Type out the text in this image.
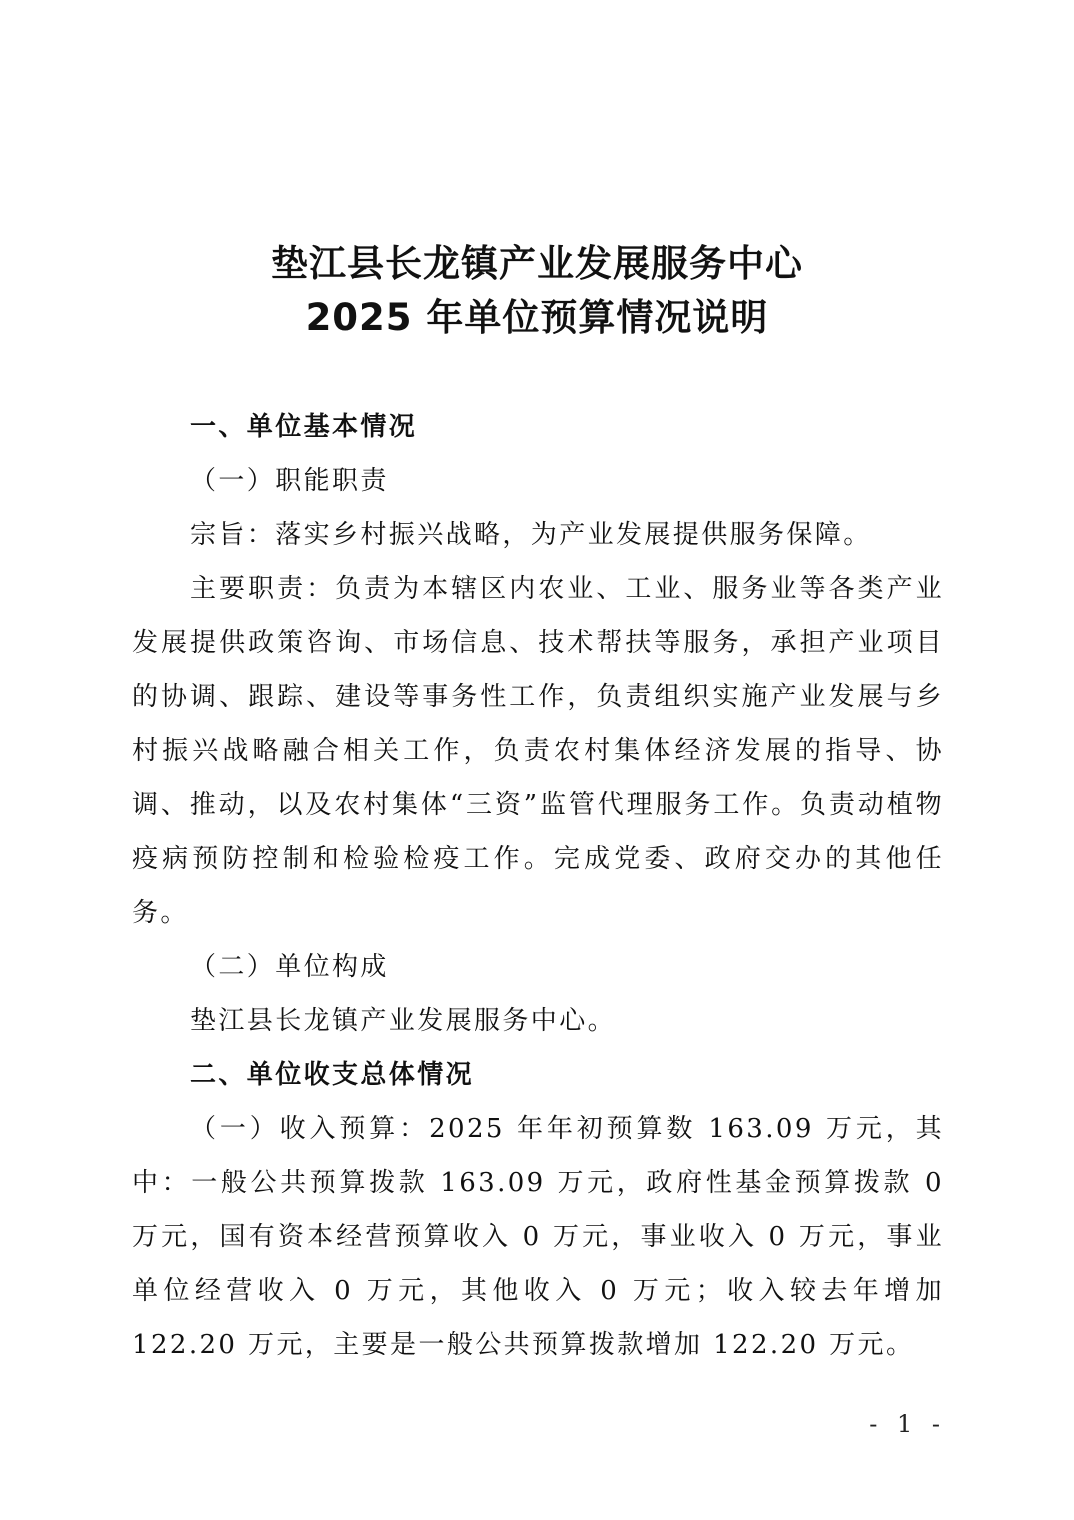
垫江县长龙镇产业发展服务中心
2025 年单位预算情况说明

一、单位基本情况

（一）职能职责

宗旨：落实乡村振兴战略，为产业发展提供服务保障。

主要职责：负责为本辖区内农业、工业、服务业等各类产业发展提供政策咨询、市场信息、技术帮扶等服务，承担产业项目的协调、跟踪、建设等事务性工作，负责组织实施产业发展与乡村振兴战略融合相关工作，负责农村集体经济发展的指导、协调、推动，以及农村集体“三资”监管代理服务工作。负责动植物疫病预防控制和检验检疫工作。完成党委、政府交办的其他任务。

（二）单位构成

垫江县长龙镇产业发展服务中心。

二、单位收支总体情况

（一）收入预算：2025 年年初预算数 163.09 万元，其中：一般公共预算拨款 163.09 万元，政府性基金预算拨款 0 万元，国有资本经营预算收入 0 万元，事业收入 0 万元，事业单位经营收入 0 万元，其他收入 0 万元；收入较去年增加 122.20 万元，主要是一般公共预算拨款增加 122.20 万元。

- 1 -
